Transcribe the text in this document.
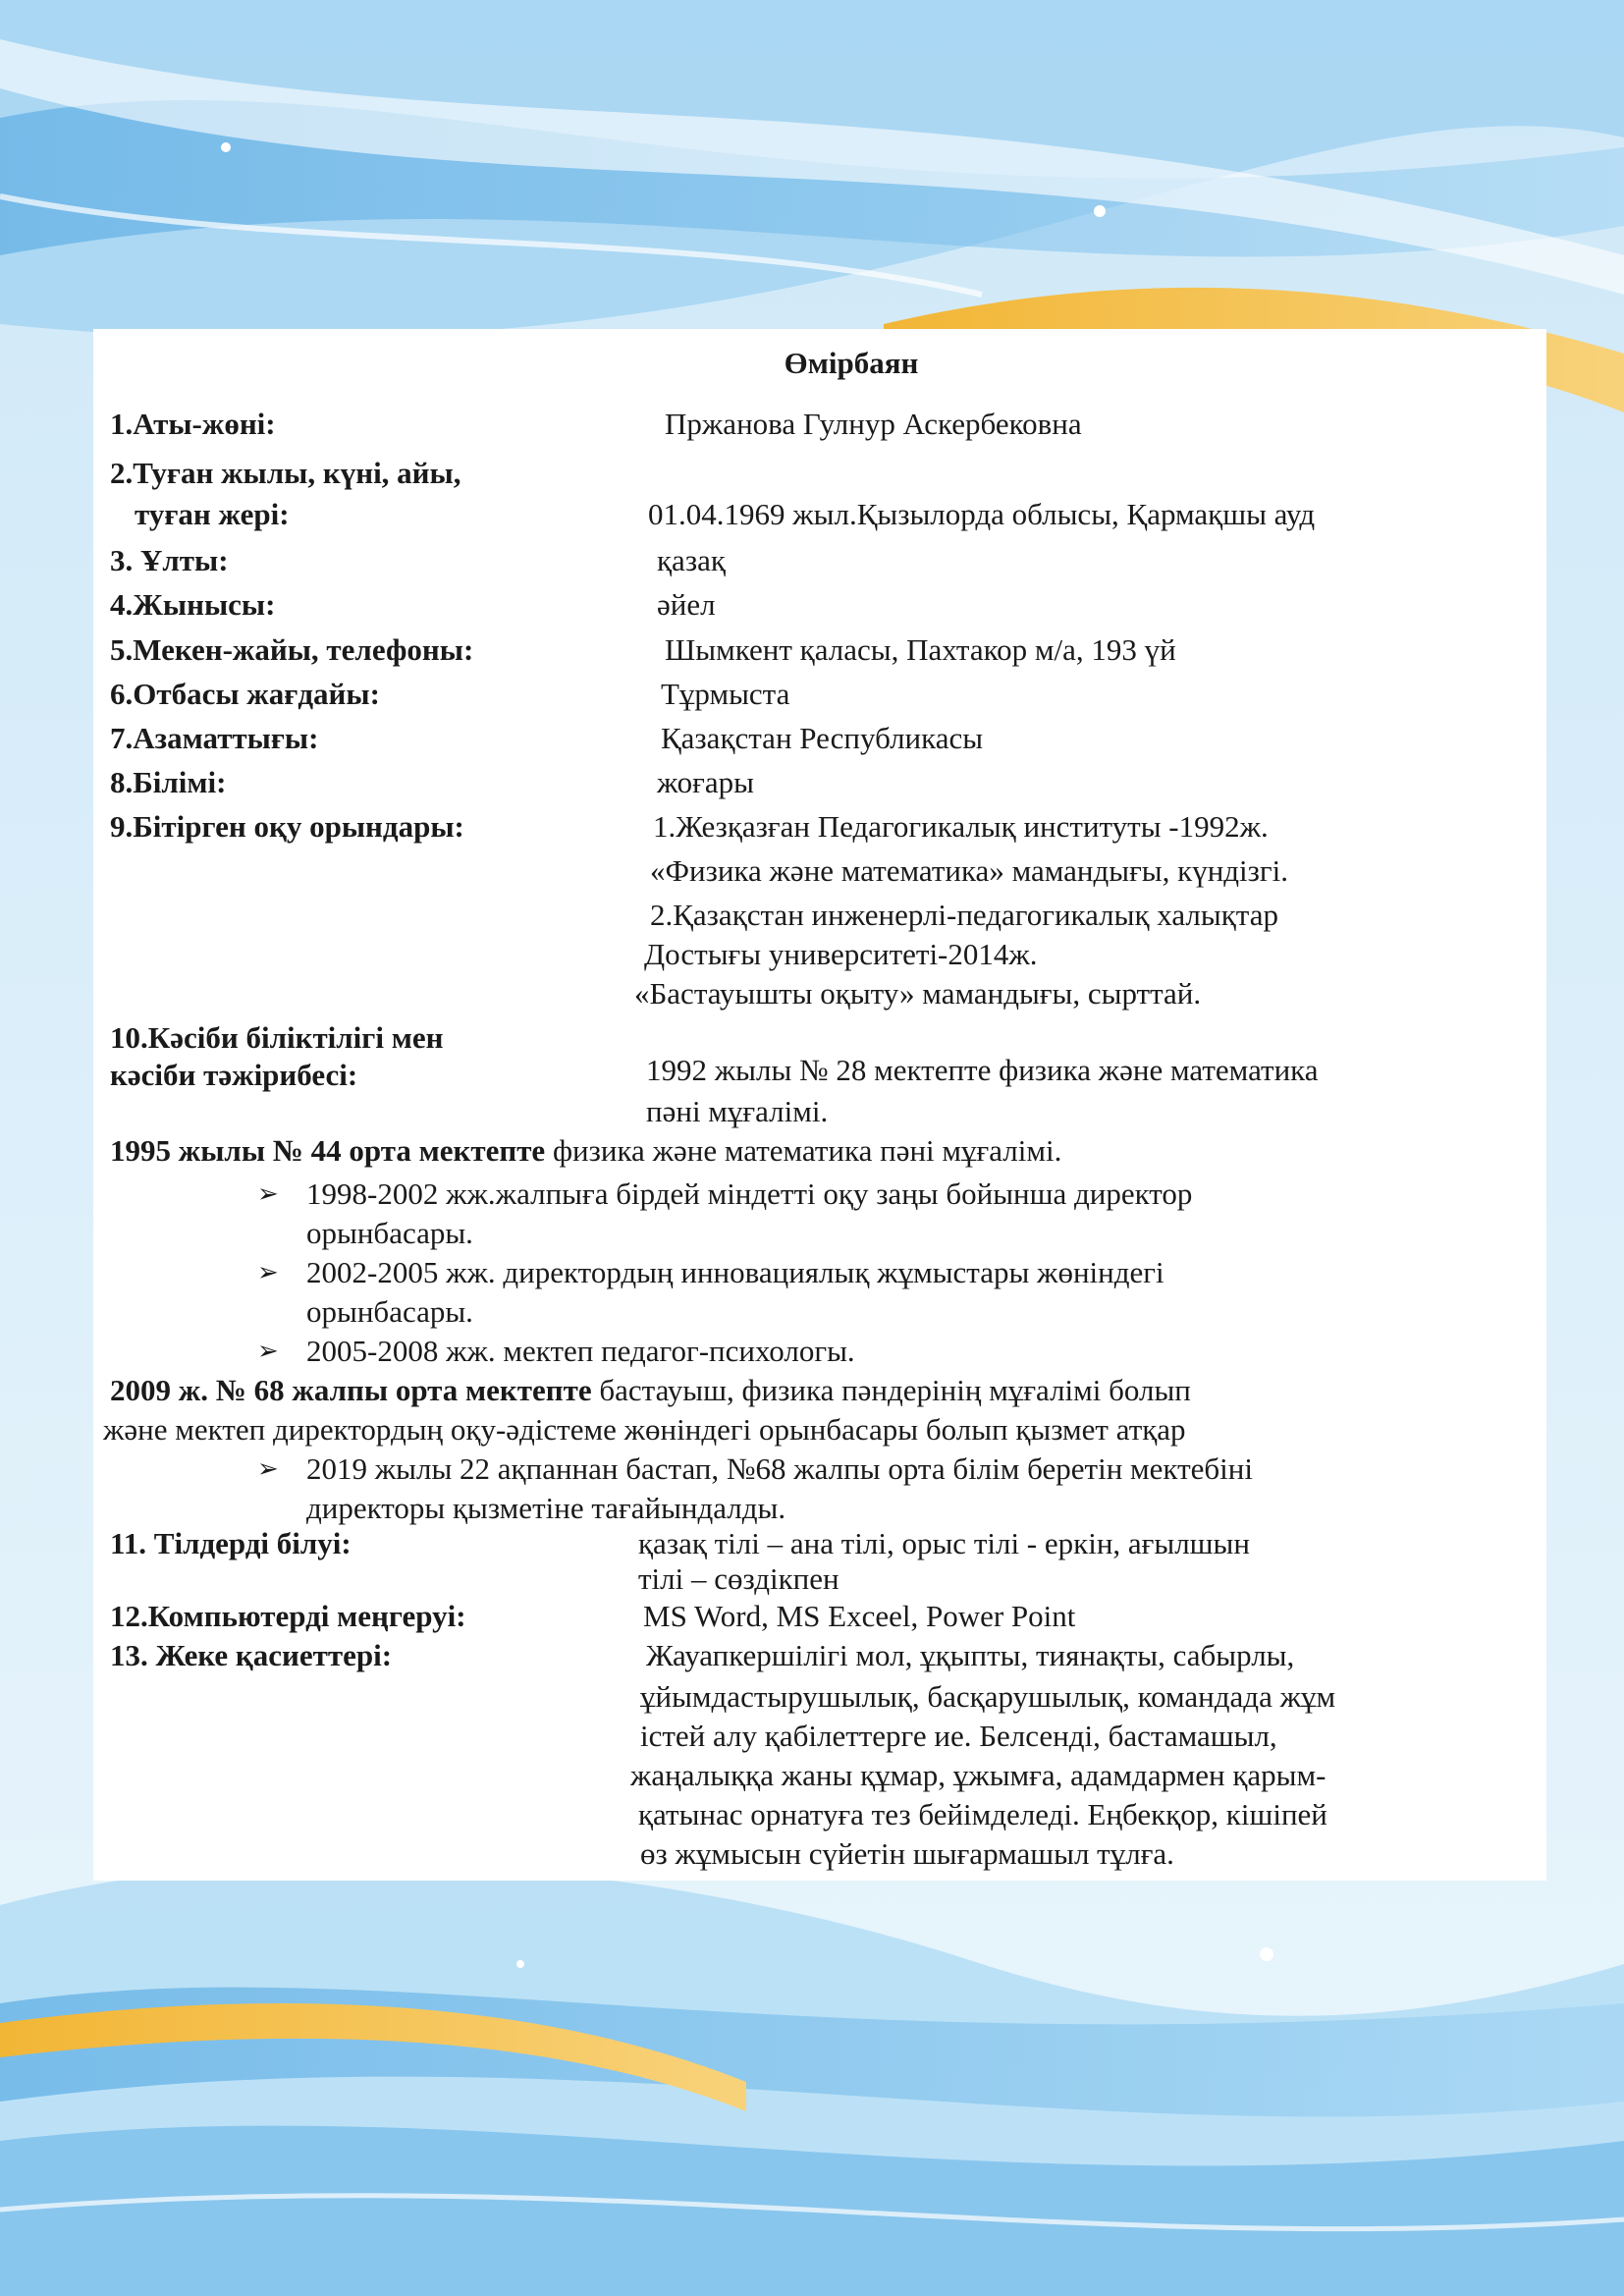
Өмірбаян
1.Аты-жөні:	Пржанова Гулнур Аскербековна
2.Туған жылы, күні, айы,
туған жері:	01.04.1969 жыл.Қызылорда облысы, Қармақшы ауд
3. Ұлты:	қазақ
4.Жынысы:	әйел
5.Мекен-жайы, телефоны:	Шымкент қаласы, Пахтакор м/а, 193 үй
6.Отбасы жағдайы:	Тұрмыста
7.Азаматтығы:	Қазақстан Республикасы
8.Білімі:	жоғары
9.Бітірген оқу орындары:	1.Жезқазған Педагогикалық институты -1992ж.
«Физика және математика» мамандығы, күндізгі.
2.Қазақстан инженерлі-педагогикалық халықтар
Достығы университеті-2014ж.
«Бастауышты оқыту» мамандығы, сырттай.
10.Кәсіби біліктілігі мен
кәсіби тәжірибесі:	1992 жылы № 28 мектепте физика және математика
пәні мұғалімі.
1995 жылы № 44 орта мектепте физика және математика пәні мұғалімі.
➢ 1998-2002 жж.жалпыға бірдей міндетті оқу заңы бойынша директор
орынбасары.
➢ 2002-2005 жж. директордың инновациялық жұмыстары жөніндегі
орынбасары.
➢ 2005-2008 жж. мектеп педагог-психологы.
2009 ж. № 68 жалпы орта мектепте бастауыш, физика пәндерінің мұғалімі болып
және мектеп директордың оқу-әдістеме жөніндегі орынбасары болып қызмет атқар
➢ 2019 жылы 22 ақпаннан бастап, №68 жалпы орта білім беретін мектебіні
директоры қызметіне тағайындалды.
11. Тілдерді білуі:	қазақ тілі – ана тілі, орыс тілі - еркін, ағылшын
тілі – сөздікпен
12.Компьютерді меңгеруі:	MS Word, MS Exceel, Power Point
13. Жеке қасиеттері:	Жауапкершілігі мол, ұқыпты, тиянақты, сабырлы,
ұйымдастырушылық, басқарушылық, командада жұм
істей алу қабілеттерге ие. Белсенді, бастамашыл,
жаңалыққа жаны құмар, ұжымға, адамдармен қарым-
қатынас орнатуға тез бейімделеді. Еңбекқор, кішіпей
өз жұмысын сүйетін шығармашыл тұлға.
